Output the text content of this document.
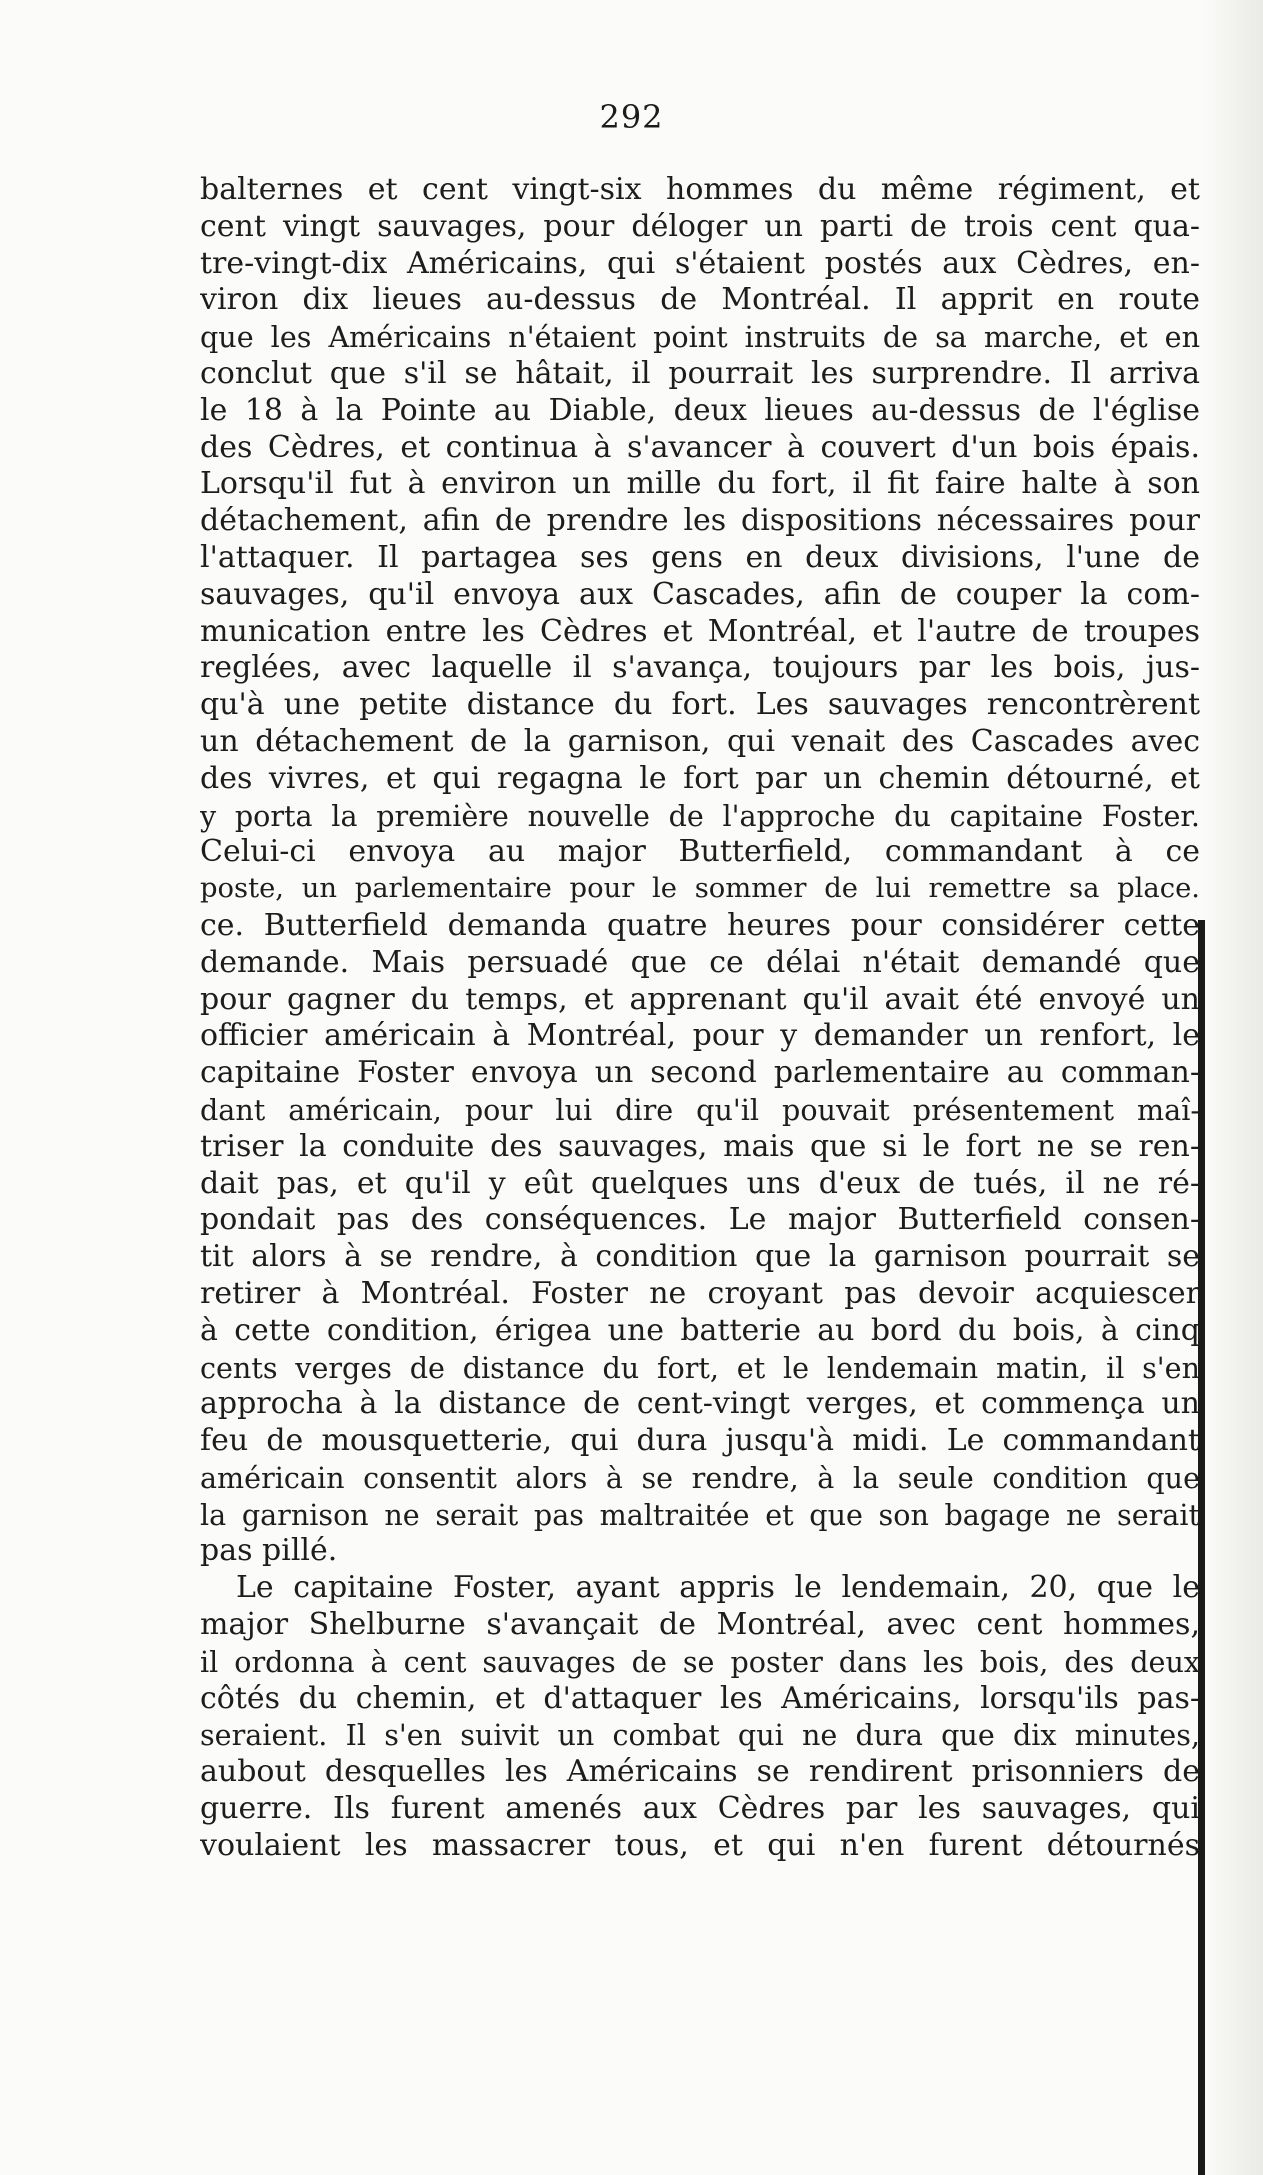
292
balternes et cent vingt-six hommes du même régiment, et
cent vingt sauvages, pour déloger un parti de trois cent qua-
tre-vingt-dix Américains, qui s'étaient postés aux Cèdres, en-
viron dix lieues au-dessus de Montréal. Il apprit en route
que les Américains n'étaient point instruits de sa marche, et en
conclut que s'il se hâtait, il pourrait les surprendre. Il arriva
le 18 à la Pointe au Diable, deux lieues au-dessus de l'église
des Cèdres, et continua à s'avancer à couvert d'un bois épais.
Lorsqu'il fut à environ un mille du fort, il fit faire halte à son
détachement, afin de prendre les dispositions nécessaires pour
l'attaquer. Il partagea ses gens en deux divisions, l'une de
sauvages, qu'il envoya aux Cascades, afin de couper la com-
munication entre les Cèdres et Montréal, et l'autre de troupes
reglées, avec laquelle il s'avança, toujours par les bois, jus-
qu'à une petite distance du fort. Les sauvages rencontrèrent
un détachement de la garnison, qui venait des Cascades avec
des vivres, et qui regagna le fort par un chemin détourné, et
y porta la première nouvelle de l'approche du capitaine Foster.
Celui-ci envoya au major Butterfield, commandant à ce
poste, un parlementaire pour le sommer de lui remettre sa place.
ce. Butterfield demanda quatre heures pour considérer cette
demande. Mais persuadé que ce délai n'était demandé que
pour gagner du temps, et apprenant qu'il avait été envoyé un
officier américain à Montréal, pour y demander un renfort, le
capitaine Foster envoya un second parlementaire au comman-
dant américain, pour lui dire qu'il pouvait présentement maî-
triser la conduite des sauvages, mais que si le fort ne se ren-
dait pas, et qu'il y eût quelques uns d'eux de tués, il ne ré-
pondait pas des conséquences. Le major Butterfield consen-
tit alors à se rendre, à condition que la garnison pourrait se
retirer à Montréal. Foster ne croyant pas devoir acquiescer
à cette condition, érigea une batterie au bord du bois, à cinq
cents verges de distance du fort, et le lendemain matin, il s'en
approcha à la distance de cent-vingt verges, et commença un
feu de mousquetterie, qui dura jusqu'à midi. Le commandant
américain consentit alors à se rendre, à la seule condition que
la garnison ne serait pas maltraitée et que son bagage ne serait
pas pillé.
Le capitaine Foster, ayant appris le lendemain, 20, que le
major Shelburne s'avançait de Montréal, avec cent hommes,
il ordonna à cent sauvages de se poster dans les bois, des deux
côtés du chemin, et d'attaquer les Américains, lorsqu'ils pas-
seraient. Il s'en suivit un combat qui ne dura que dix minutes,
aubout desquelles les Américains se rendirent prisonniers de
guerre. Ils furent amenés aux Cèdres par les sauvages, qui
voulaient les massacrer tous, et qui n'en furent détournés
